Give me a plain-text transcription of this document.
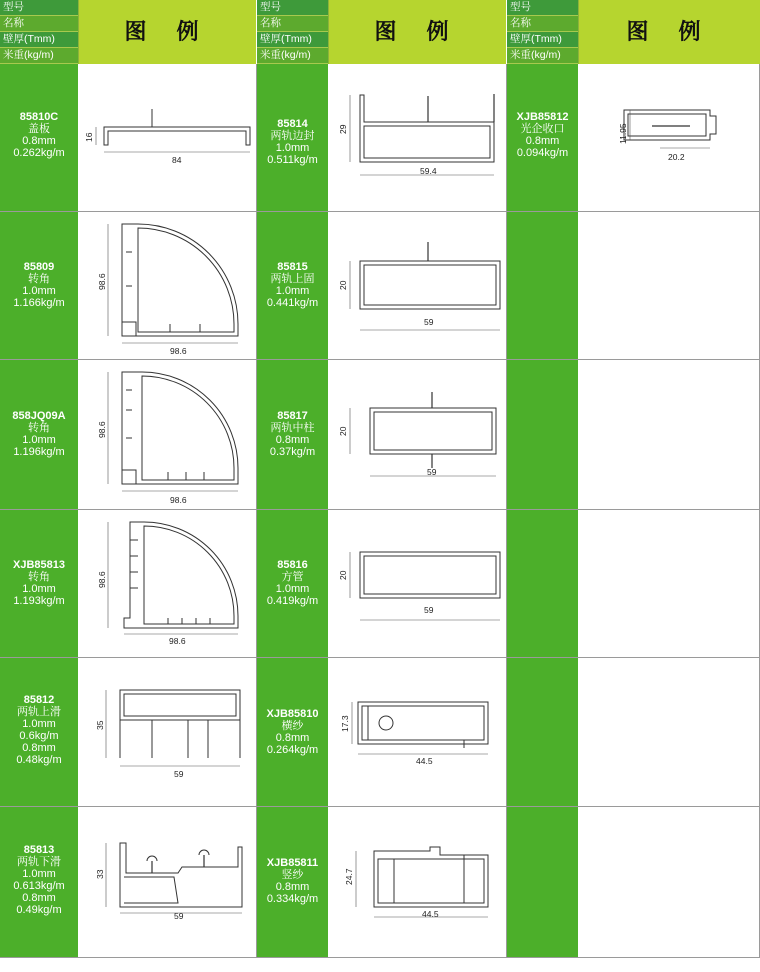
型号
名称
壁厚(Tmm)
米重(kg/m)
图 例
型号
名称
壁厚(Tmm)
米重(kg/m)
图 例
型号
名称
壁厚(Tmm)
米重(kg/m)
图 例
85810C
盖板
0.8mm
0.262kg/m
85809
转角
1.0mm
1.166kg/m
858JQ09A
转角
1.0mm
1.196kg/m
XJB85813
转角
1.0mm
1.193kg/m
85812
两轨上滑
1.0mm
0.6kg/m
0.8mm
0.48kg/m
85813
两轨下滑
1.0mm
0.613kg/m
0.8mm
0.49kg/m
85814
两轨边封
1.0mm
0.511kg/m
85815
两轨上固
1.0mm
0.441kg/m
85817
两轨中柱
0.8mm
0.37kg/m
85816
方管
1.0mm
0.419kg/m
XJB85810
横纱
0.8mm
0.264kg/m
XJB85811
竖纱
0.8mm
0.334kg/m
XJB85812
光企收口
0.8mm
0.094kg/m
16
84
98.6
98.6
98.6
98.6
98.6
98.6
35
59
33
59
29
59.4
20
59
20
59
20
59
17.3
44.5
24.7
44.5
11.95
20.2
